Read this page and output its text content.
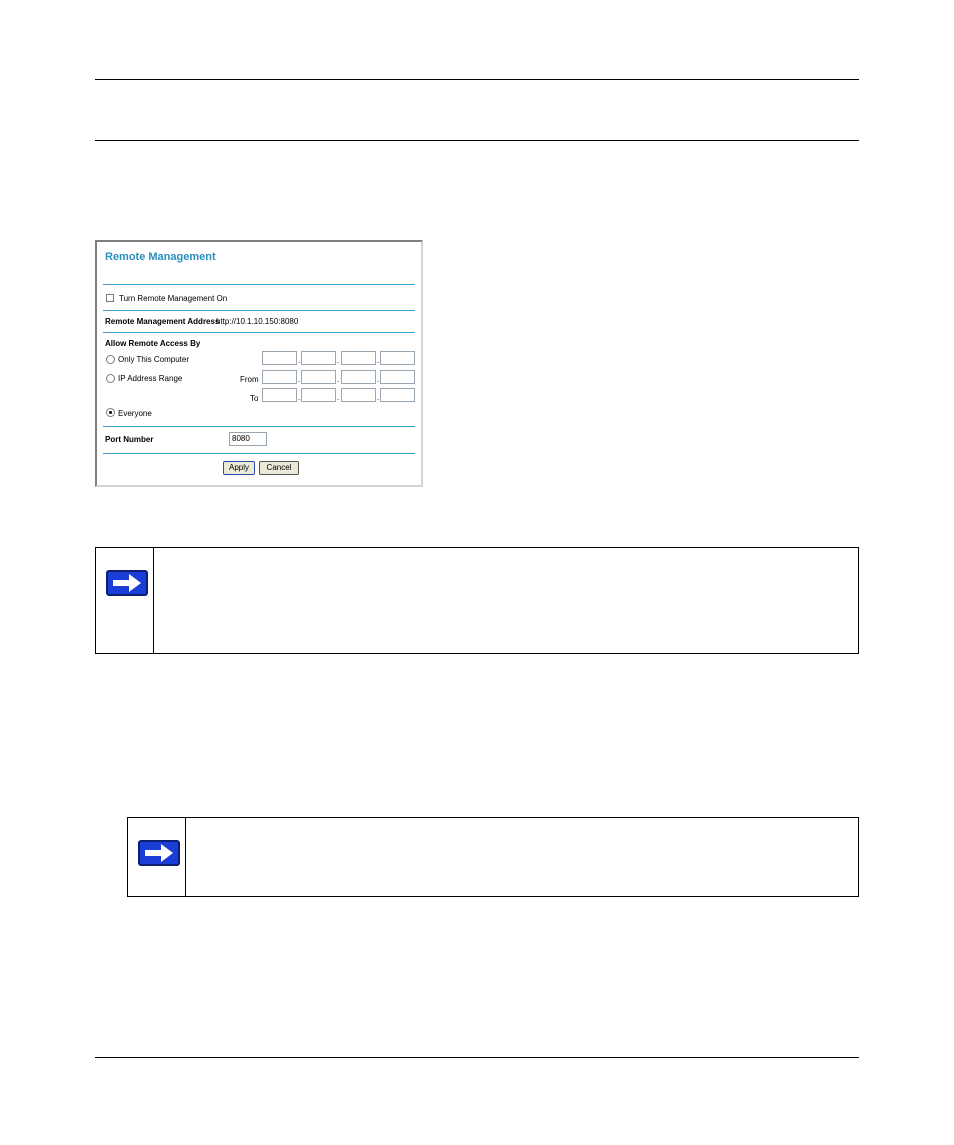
Remote Management
Turn Remote Management On
Remote Management Address
http://10.1.10.150:8080
Allow Remote Access By
Only This Computer	.	.	.
IP Address Range	From	.	.	.
To	.	.	.
Everyone
Port Number	8080
Apply	Cancel
